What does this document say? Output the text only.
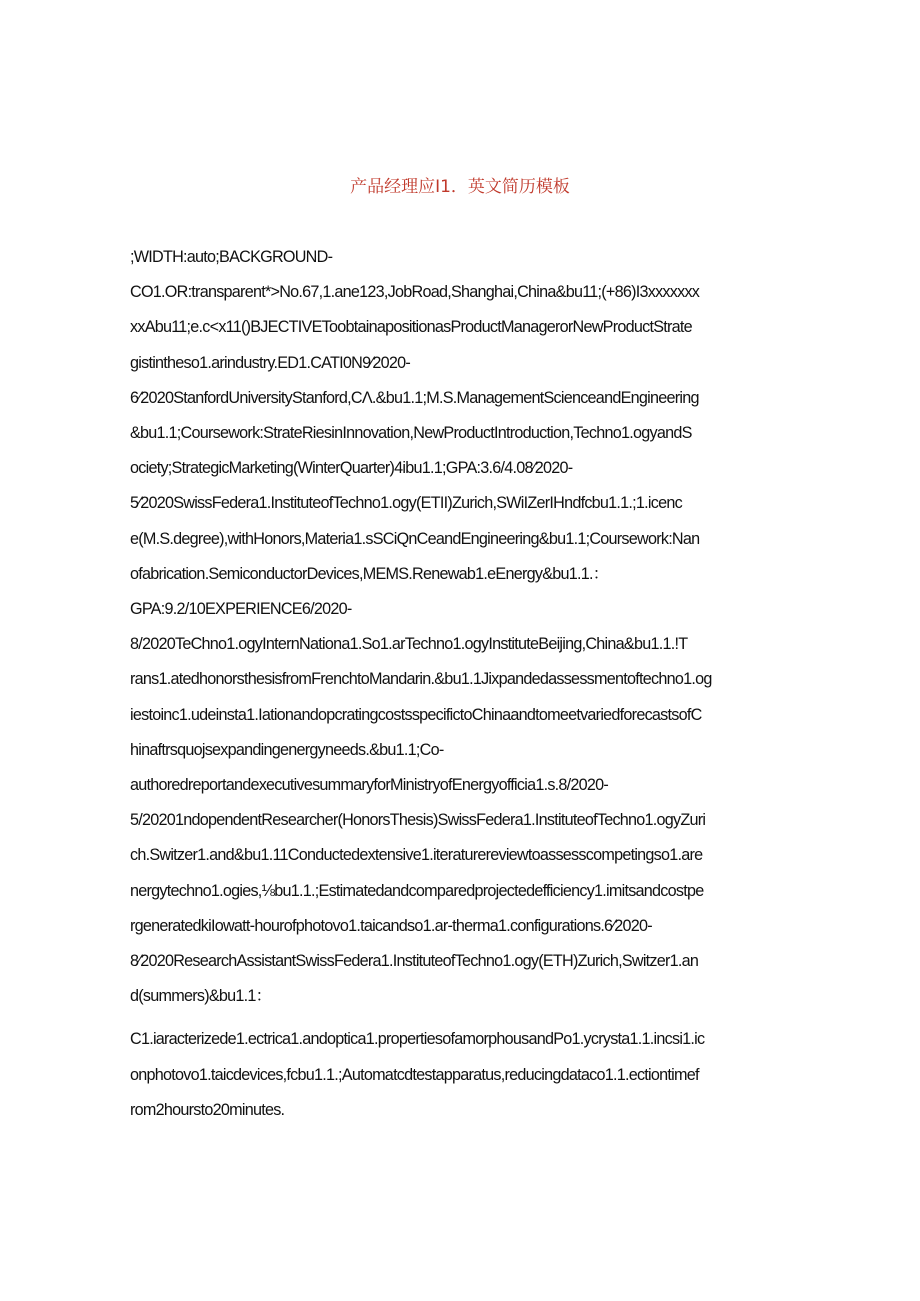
产品经理应I1．英文简历模板
;WIDTH:auto;BACKGROUND-
CO1.OR:transparent*>No.67,1.ane123,JobRoad,Shanghai,China&bu11;(+86)I3xxxxxxx
xxAbu11;e.c<x11()BJECTIVEToobtainapositionasProductManagerorNewProductStrate
gistintheso1.arindustry.ED1.CATI0N9⁄2020-
6⁄2020StanfordUniversityStanford,CΛ.&bu1.1;M.S.ManagementScienceandEngineering
&bu1.1;Coursework:StrateRiesinInnovation,NewProductIntroduction,Techno1.ogyandS
ociety;StrategicMarketing(WinterQuarter)4ibu1.1;GPA:3.6/4.08⁄2020-
5⁄2020SwissFedera1.InstituteofTechno1.ogy(ETII)Zurich,SWiIZerIHndfcbu1.1.;1.icenc
e(M.S.degree),withHonors,Materia1.sSCiQnCeandEngineering&bu1.1;Coursework:Nan
ofabrication.SemiconductorDevices,MEMS.Renewab1.eEnergy&bu1.1.：
GPA:9.2/10EXPERIENCE6/2020-
8/2020TeChno1.ogyInternNationa1.So1.arTechno1.ogyInstituteBeijing,China&bu1.1.!T
rans1.atedhonorsthesisfromFrenchtoMandarin.&bu1.1Jixpandedassessmentoftechno1.og
iestoinc1.udeinsta1.IationandopcratingcostsspecifictoChinaandtomeetvariedforecastsofC
hinaftrsquojsexpandingenergyneeds.&bu1.1;Co-
authoredreportandexecutivesummaryforMinistryofEnergyofficia1.s.8/2020-
5/20201ndopendentResearcher(HonorsThesis)SwissFedera1.InstituteofTechno1.ogyZuri
ch.Switzer1.and&bu1.11Conductedextensive1.iteraturereviewtoassesscompetingso1.are
nergytechno1.ogies,⅛bu1.1.;Estimatedandcomparedprojectedefficiency1.imitsandcostpe
rgeneratedkiIowatt-hourofphotovo1.taicandso1.ar-therma1.configurations.6⁄2020-
8⁄2020ResearchAssistantSwissFedera1.InstituteofTechno1.ogy(ETH)Zurich,Switzer1.an
d(summers)&bu1.1：
C1.iaracterizede1.ectrica1.andoptica1.propertiesofamorphousandPo1.ycrysta1.1.incsi1.ic
onphotovo1.taicdevices,fcbu1.1.;Automatcdtestapparatus,reducingdataco1.1.ectiontimef
rom2hoursto20minutes.
